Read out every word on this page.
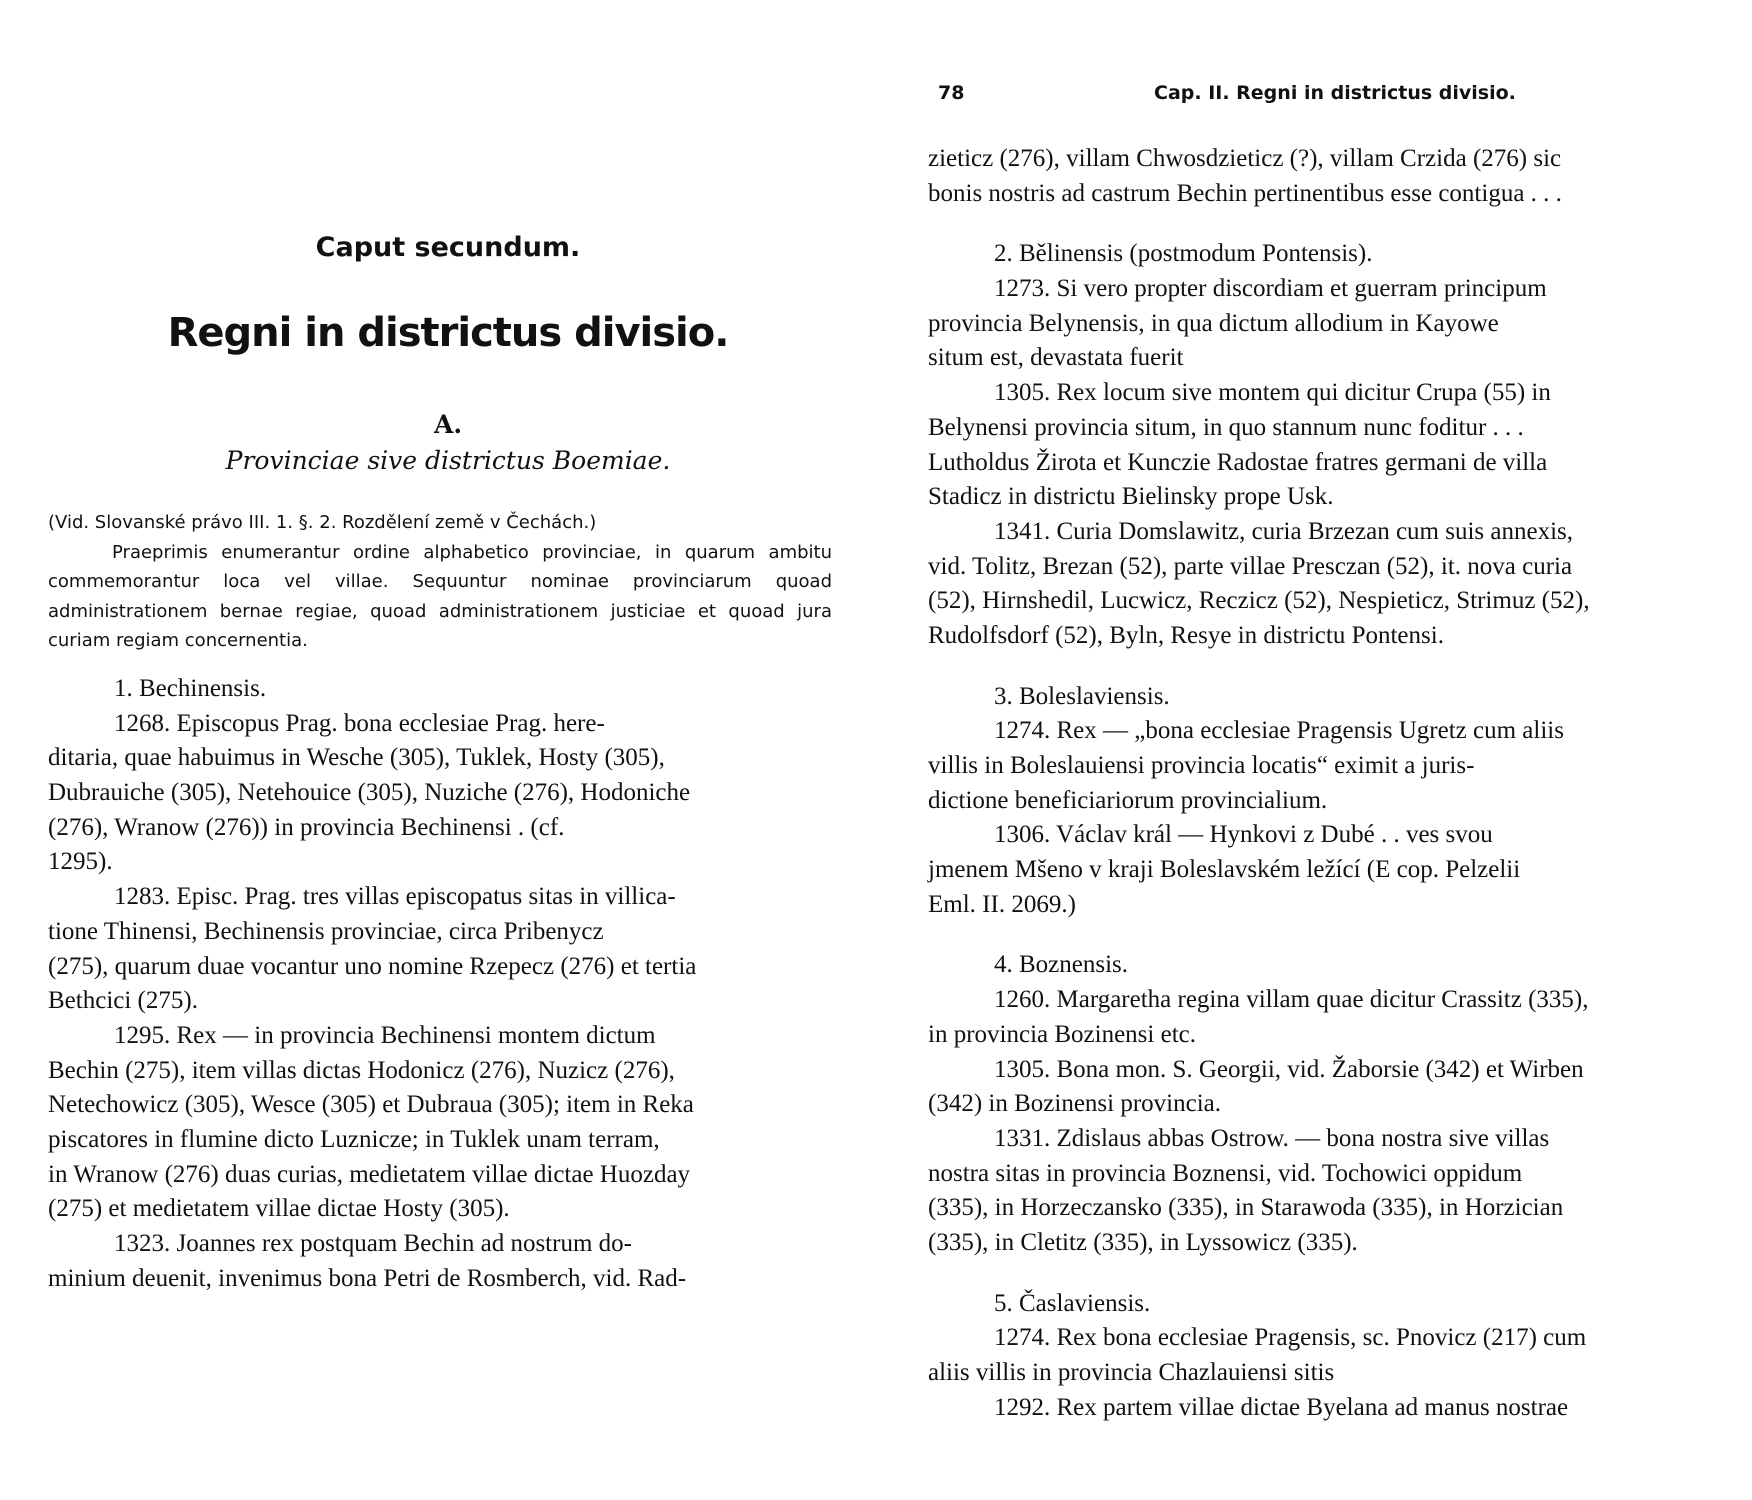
Caput secundum.
Regni in districtus divisio.
A.
Provinciae sive districtus Boemiae.

(Vid. Slovanské právo III. 1. §. 2. Rozdělení země v Čechách.)

Praeprimis enumerantur ordine alphabetico provinciae, in quarum ambitu commemorantur loca vel villae. Sequuntur nominae provinciarum quoad administrationem bernae regiae, quoad administrationem justiciae et quoad jura curiam regiam concernentia.

1. Bechinensis.
1268. Episcopus Prag. bona ecclesiae Prag. here-
ditaria, quae habuimus in Wesche (305), Tuklek, Hosty (305),
Dubrauiche (305), Netehouice (305), Nuziche (276), Hodoniche
(276), Wranow (276)) in provincia Bechinensi . (cf.
1295).
1283. Episc. Prag. tres villas episcopatus sitas in villica-
tione Thinensi, Bechinensis provinciae, circa Pribenycz
(275), quarum duae vocantur uno nomine Rzepecz (276) et tertia
Bethcici (275).
1295. Rex — in provincia Bechinensi montem dictum
Bechin (275), item villas dictas Hodonicz (276), Nuzicz (276),
Netechowicz (305), Wesce (305) et Dubraua (305); item in Reka
piscatores in flumine dicto Luznicze; in Tuklek unam terram,
in Wranow (276) duas curias, medietatem villae dictae Huozday
(275) et medietatem villae dictae Hosty (305).
1323. Joannes rex postquam Bechin ad nostrum do-
minium deuenit, invenimus bona Petri de Rosmberch, vid. Rad-
78	Cap. II. Regni in districtus divisio.
zieticz (276), villam Chwosdzieticz (?), villam Crzida (276) sic
bonis nostris ad castrum Bechin pertinentibus esse contigua . . .
2. Bělinensis (postmodum Pontensis).
1273. Si vero propter discordiam et guerram principum
provincia Belynensis, in qua dictum allodium in Kayowe
situm est, devastata fuerit
1305. Rex locum sive montem qui dicitur Crupa (55) in
Belynensi provincia situm, in quo stannum nunc foditur . . .
Lutholdus Žirota et Kunczie Radostae fratres germani de villa
Stadicz in districtu Bielinsky prope Usk.
1341. Curia Domslawitz, curia Brzezan cum suis annexis,
vid. Tolitz, Brezan (52), parte villae Presczan (52), it. nova curia
(52), Hirnshedil, Lucwicz, Reczicz (52), Nespieticz, Strimuz (52),
Rudolfsdorf (52), Byln, Resye in districtu Pontensi.
3. Boleslaviensis.
1274. Rex — „bona ecclesiae Pragensis Ugretz cum aliis
villis in Boleslauiensi provincia locatis“ eximit a juris-
dictione beneficiariorum provincialium.
1306. Václav král — Hynkovi z Dubé . . ves svou
jmenem Mšeno v kraji Boleslavském ležící (E cop. Pelzelii
Eml. II. 2069.)
4. Boznensis.
1260. Margaretha regina villam quae dicitur Crassitz (335),
in provincia Bozinensi etc.
1305. Bona mon. S. Georgii, vid. Žaborsie (342) et Wirben
(342) in Bozinensi provincia.
1331. Zdislaus abbas Ostrow. — bona nostra sive villas
nostra sitas in provincia Boznensi, vid. Tochowici oppidum
(335), in Horzeczansko (335), in Starawoda (335), in Horzician
(335), in Cletitz (335), in Lyssowicz (335).
5. Časlaviensis.
1274. Rex bona ecclesiae Pragensis, sc. Pnovicz (217) cum
aliis villis in provincia Chazlauiensi sitis
1292. Rex partem villae dictae Byelana ad manus nostrae
